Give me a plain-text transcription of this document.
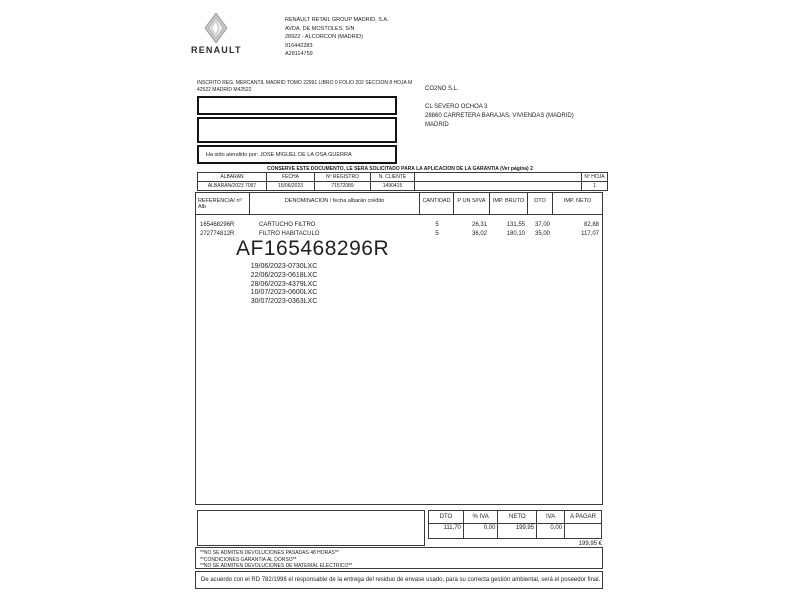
RENAULT
RENAULT RETAIL GROUP MADRID, S.A.
AVDA. DE MOSTOLES, S/N
28922 - ALCORCON (MADRID)
916442283
A28114759
INSCRITO REG. MERCANTIL MADRID TOMO 22991 LIBRO 0 FOLIO 202 SECCION 8 HOJA M
42522 MADRID M42522	CO2NO S.L.
CL SEVERO OCHOA 3
28860 CARRETERA BARAJAS, VIVIENDAS (MADRID)
MADRID
Ha sido atendido por: JOSE MIGUEL DE LA OSA GUERRA
CONSERVE ESTE DOCUMENTO, LE SERA SOLICITADO PARA LA APLICACION DE LA GARANTIA (Ver página) 2
ALBARAN	FECHA	Nº REGISTRO	N. CLIENTE		Nº HOJA
ALBARAN/2023 7097	15/06/2023	71572089	1490415		1
REFERENCIA/ nº Alb
DENOMINACION / fecha albarán crédito	CANTIDAD	P UN S/IVA	IMP. BRUTO	DTO	IMP. NETO
165468296R	CARTUCHO FILTRO	5	26,31	131,55	37,00	82,88
272774812R	FILTRO HABITACULO	5	36,02	180,10	35,00	117,07
AF165468296R
19/06/2023-0730LXC
22/06/2023-0618LXC
28/06/2023-4379LXC
10/07/2023-0600LXC
30/07/2023-0363LXC
DTO	% IVA	NETO	IVA	A PAGAR
111,70	0,00	199,95	0,00	
199,95 €
**NO SE ADMITEN DEVOLUCIONES PASADAS 48 HORAS**
**CONDICIONES GARANTIA AL DORSO**
**NO SE ADMITEN DEVOLUCIONES DE MATERIAL ELECTRICO**
De acuerdo con el RD 782/1998 el responsable de la entrega del residuo de envase usado, para su correcta gestión ambiental, será el poseedor final.
